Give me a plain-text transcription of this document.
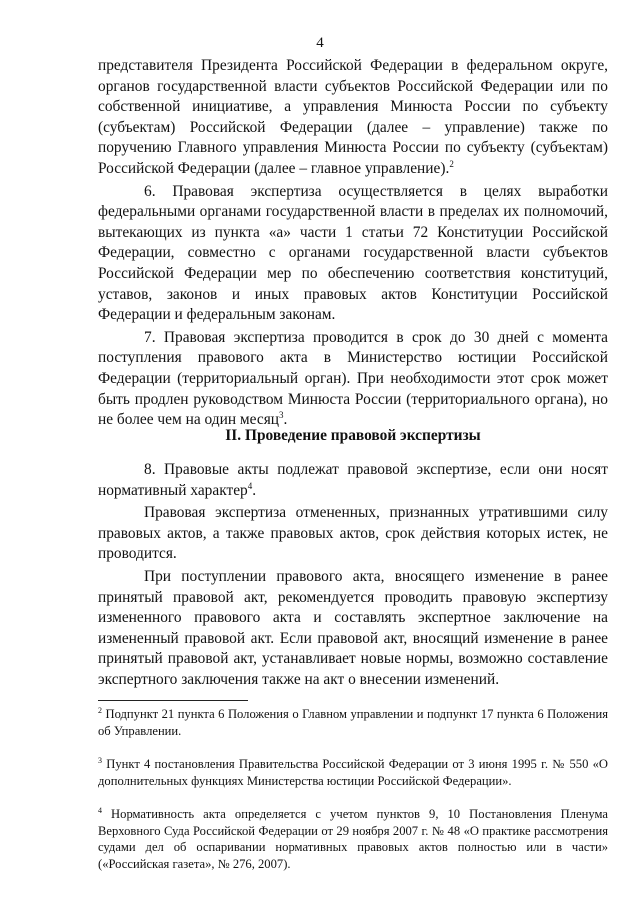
4

представителя Президента Российской Федерации в федеральном округе, органов государственной власти субъектов Российской Федерации или по собственной инициативе, а управления Минюста России по субъекту (субъектам) Российской Федерации (далее – управление) также по поручению Главного управления Минюста России по субъекту (субъектам) Российской Федерации (далее – главное управление).$^2$

6. Правовая экспертиза осуществляется в целях выработки федеральными органами государственной власти в пределах их полномочий, вытекающих из пункта «а» части 1 статьи 72 Конституции Российской Федерации, совместно с органами государственной власти субъектов Российской Федерации мер по обеспечению соответствия конституций, уставов, законов и иных правовых актов Конституции Российской Федерации и федеральным законам.

7. Правовая экспертиза проводится в срок до 30 дней с момента поступления правового акта в Министерство юстиции Российской Федерации (территориальный орган). При необходимости этот срок может быть продлен руководством Минюста России (территориального органа), но не более чем на один месяц$^3$.

II. Проведение правовой экспертизы

8. Правовые акты подлежат правовой экспертизе, если они носят нормативный характер$^4$.

Правовая экспертиза отмененных, признанных утратившими силу правовых актов, а также правовых актов, срок действия которых истек, не проводится.

При поступлении правового акта, вносящего изменение в ранее принятый правовой акт, рекомендуется проводить правовую экспертизу измененного правового акта и составлять экспертное заключение на измененный правовой акт. Если правовой акт, вносящий изменение в ранее принятый правовой акт, устанавливает новые нормы, возможно составление экспертного заключения также на акт о внесении изменений.

$^2$ Подпункт 21 пункта 6 Положения о Главном управлении и подпункт 17 пункта 6 Положения об Управлении.
$^3$ Пункт 4 постановления Правительства Российской Федерации от 3 июня 1995 г. № 550 «О дополнительных функциях Министерства юстиции Российской Федерации».
$^4$ Нормативность акта определяется с учетом пунктов 9, 10 Постановления Пленума Верховного Суда Российской Федерации от 29 ноября 2007 г. № 48 «О практике рассмотрения судами дел об оспаривании нормативных правовых актов полностью или в части» («Российская газета», № 276, 2007).
